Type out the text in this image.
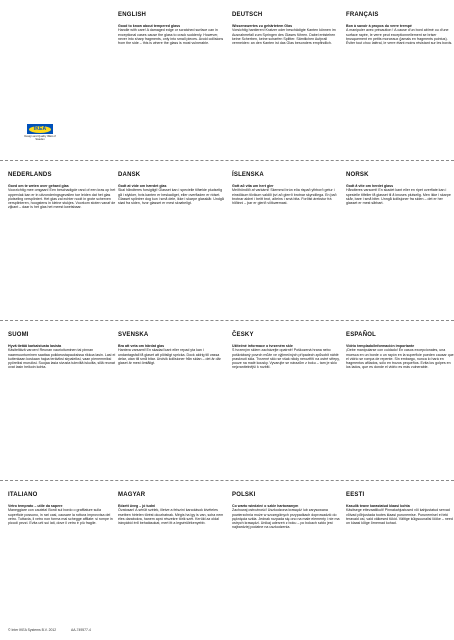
IKEA
Design and Quality IKEA of Sweden
ENGLISH
Good to know about tempered glass
Handle with care! A damaged edge or scratched surface can in exceptional cases cause the glass to crack suddenly. However, never into sharp fragments, only into small pieces. Avoid collisions from the side – this is where the glass is most vulnerable.
DEUTSCH
Wissenswertes zu gehärtetem Glas
Vorsichtig hantieren! Kratzer oder beschädigte Kanten können im Ausnahmefall zum Springen des Glases führen. Dabei entstehen keine Scherben, keine scharfen Splitter. Sämtlichen Aufprall vermeiden: an den Kanten ist das Glas besonders empfindlich.
FRANÇAIS
Bon à savoir à propos du verre trempé
A manipuler avec précaution ! A cause d'un bord abîmé ou d'une surface rayée, le verre peut exceptionnellement se briser brusquement en petits morceaux (jamais en fragments pointus). Éviter tout choc latéral, le verre étant moins résistant sur les bords.
NEDERLANDS
Goed om te weten over gehard glas
Voorzichtig mee omgaan! Een beschadigde rand of een kras op het oppervlak kan er in uitzonderingsgevallen toe leiden dat het glas plotseling versplintert. Het glas zal echter nooit in grote scherven versplinteren, hoogstens in kleine stukjes. Voorkom stoten vanaf de zijkant – daar is het glas het meest kwetsbaar.
DANSK
Godt at vide om hærdet glas
Skal håndteres forsigtigt! Glasset kan i specielle tilfælde pludselig gå i stykker, hvis kanten er beskadiget, eller overfladen er ridset. Glasset splintrer dog kun i små dele, ikke i skarpe glasskår. Undgå stød fra siden, hvor glasset er mest skrøbeligt.
ÍSLENSKA
Gott að vita um hert gler
Meðhöndlið af varkárni! Skemmd brún eða rispað yfirborð getur í einstökum tilvikum valdið því að glerrð brotnar skyndilega. En það brotnar aldrei í beitt brot, aðeins í smá bita. Forðist árekstur frá hliðinni – þar er glerið viðkvæmast.
NORSK
Godt å vite om herdet glass
Håndteres varsomt! En skadet kant eller en ripet overflate kan i spesielle tilfeller få glasset til å knuses plutselig. Men ikke i skarpe skår, bare i små biter. Unngå kollisjoner fra siden – det er her glasset er mest sårbart.
SUOMI
Hyvä tietää karkaistusta lasista
Käsiteltävä varoen! Reunan vaurioituminen tai pinnan naarmuuntuminen saattaa poikkeustapauksissa rikkoa lasin. Lasi ei kuitenkaan koskaan hajoa teräviksi sirpaleiksi, vaan pienemmiksi pyöreiksi muruiksi. Suojaa lasia sivusta tuleviltä iskuilta, sillä reunat ovat lasin heikoin kohta.
SVENSKA
Bra att veta om härdat glas
Hantera varsamt! En skadad kant eller repad yta kan i undantagsfall få glaset att plötsligt spricka. Dock aldrig till vassa delar, utan till små bitar. Undvik kollisioner från sidan – det är där glaset är mest ömtåligt.
ČESKY
Užitečné informace o tvrzeném skle
S tvrzeným sklem zacházejte opatrně! Poškozená hrana nebo poškrábaný povrch může ve výjimečných případech způsobit náhlé prasknutí skla. Tvrzené sklo se však nikdy neroztřítí na ostré střepy, pouze na malé kousky. Vyvarujte se nárazům z boku – tam je sklo nejzranitelnější k rozbití.
ESPAÑOL
Vidrio templado/Información importante
¡Debe manipularse con cuidado! En casos excepcionales, una muesca en un borde o un rayón en la superficie pueden causar que el vidrio se rompa de repente. Sin embargo, nunca lo hará en fragmentos afilados, sólo en trozos pequeños. Evita los golpes en los lados, que es donde el vidrio es más vulnerable.
ITALIANO
Vetro temprato – utile da sapere
Maneggiare con cautela! Bordi sul bordo o graffiature sulla superficie possono, in rari casi, causare la rottura improvvisa del vetro. Tuttavia, il vetro non forma mai schegge affilate: si rompe in piccoli pezzi. Evita urti sui lati, dove il vetro è più fragile.
MAGYAR
Edzett üveg – jó tudni
Óvatosan! A sérült szélek, illetve a felszíni karcolások kivételes esetben hirtelen törést okozhatnak. Mégis ha igy is van, soha nem éles darabokra, hanem apró részekre törik szét. Kerüld az oldal irányából érő behatásokat, mert itt a legsérülékenyebb.
POLSKI
Co warto wiedzieć o szkle hartowanym
Zachowaj ostrożność! Uszkodzona krawędź lub zarysowana powierzchnia może w szczególnych przypadkach doprowadzić do pęknięcia szkła. Jednak rozpada się ono na małe elementy i nie ma ostrych krawędzi. Unikaj uderzeń z boku – po bokach szkło jest najbardziej podatne na uszkodzenia.
EESTI
Kasulik teave karastatud klaasi kohta
Käsitsege ettevaatlikult! Pinnakahjustused või kahjustatud servad võivad põhjustada tootes klaasi purunemise. Purunemisel ei teki teravaid osi, vaid väikesed tükid. Vältige külgsuunalisi lööke – need on klaasi kõige õrnemad kohad.
© Inter IKEA Systems B.V. 2012	AA-749577-4
